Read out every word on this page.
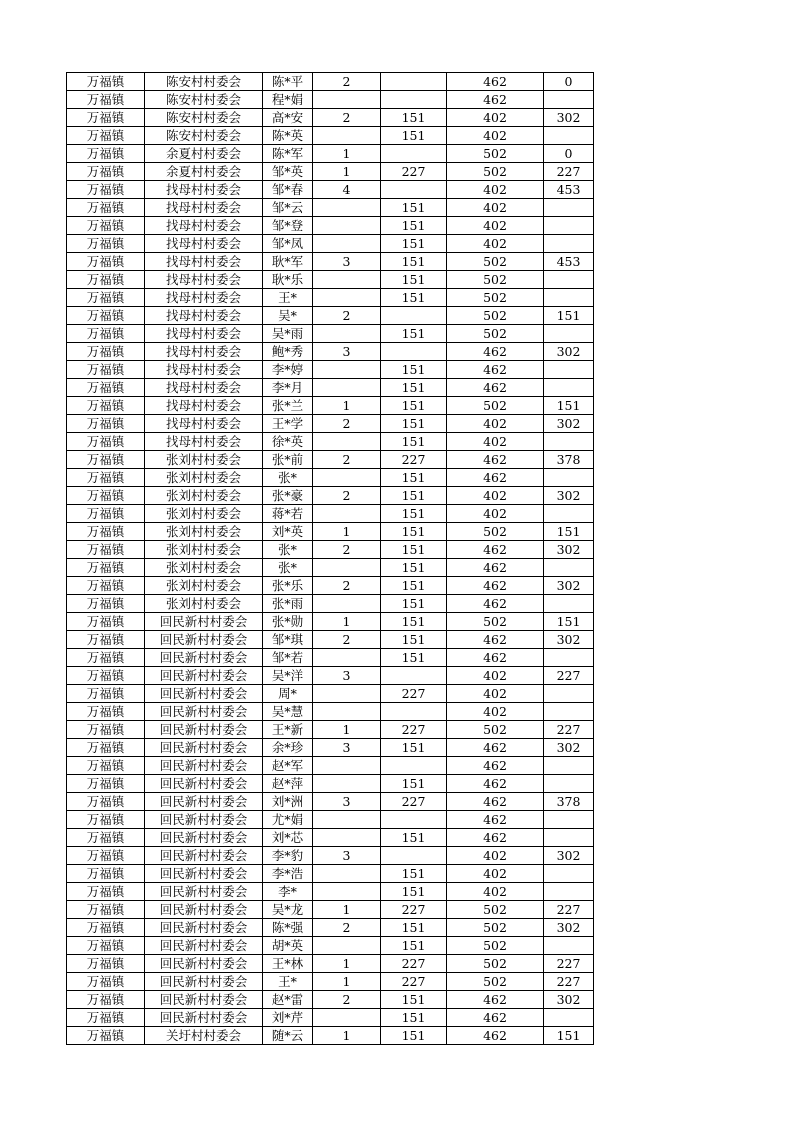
万福镇	陈安村村委会	陈*平	2		462	0
万福镇	陈安村村委会	程*娟			462	
万福镇	陈安村村委会	高*安	2	151	402	302
万福镇	陈安村村委会	陈*英		151	402	
万福镇	余夏村村委会	陈*军	1		502	0
万福镇	余夏村村委会	邹*英	1	227	502	227
万福镇	找母村村委会	邹*春	4		402	453
万福镇	找母村村委会	邹*云		151	402	
万福镇	找母村村委会	邹*登		151	402	
万福镇	找母村村委会	邹*凤		151	402	
万福镇	找母村村委会	耿*军	3	151	502	453
万福镇	找母村村委会	耿*乐		151	502	
万福镇	找母村村委会	王*		151	502	
万福镇	找母村村委会	吴*	2		502	151
万福镇	找母村村委会	吴*雨		151	502	
万福镇	找母村村委会	鲍*秀	3		462	302
万福镇	找母村村委会	李*婷		151	462	
万福镇	找母村村委会	李*月		151	462	
万福镇	找母村村委会	张*兰	1	151	502	151
万福镇	找母村村委会	王*学	2	151	402	302
万福镇	找母村村委会	徐*英		151	402	
万福镇	张刘村村委会	张*前	2	227	462	378
万福镇	张刘村村委会	张*		151	462	
万福镇	张刘村村委会	张*豪	2	151	402	302
万福镇	张刘村村委会	蒋*若		151	402	
万福镇	张刘村村委会	刘*英	1	151	502	151
万福镇	张刘村村委会	张*	2	151	462	302
万福镇	张刘村村委会	张*		151	462	
万福镇	张刘村村委会	张*乐	2	151	462	302
万福镇	张刘村村委会	张*雨		151	462	
万福镇	回民新村村委会	张*勋	1	151	502	151
万福镇	回民新村村委会	邹*琪	2	151	462	302
万福镇	回民新村村委会	邹*若		151	462	
万福镇	回民新村村委会	吴*洋	3		402	227
万福镇	回民新村村委会	周*		227	402	
万福镇	回民新村村委会	吴*慧			402	
万福镇	回民新村村委会	王*新	1	227	502	227
万福镇	回民新村村委会	余*珍	3	151	462	302
万福镇	回民新村村委会	赵*军			462	
万福镇	回民新村村委会	赵*萍		151	462	
万福镇	回民新村村委会	刘*洲	3	227	462	378
万福镇	回民新村村委会	尤*娟			462	
万福镇	回民新村村委会	刘*芯		151	462	
万福镇	回民新村村委会	李*豹	3		402	302
万福镇	回民新村村委会	李*浩		151	402	
万福镇	回民新村村委会	李*		151	402	
万福镇	回民新村村委会	吴*龙	1	227	502	227
万福镇	回民新村村委会	陈*强	2	151	502	302
万福镇	回民新村村委会	胡*英		151	502	
万福镇	回民新村村委会	王*林	1	227	502	227
万福镇	回民新村村委会	王*	1	227	502	227
万福镇	回民新村村委会	赵*雷	2	151	462	302
万福镇	回民新村村委会	刘*芹		151	462	
万福镇	关圩村村委会	随*云	1	151	462	151
